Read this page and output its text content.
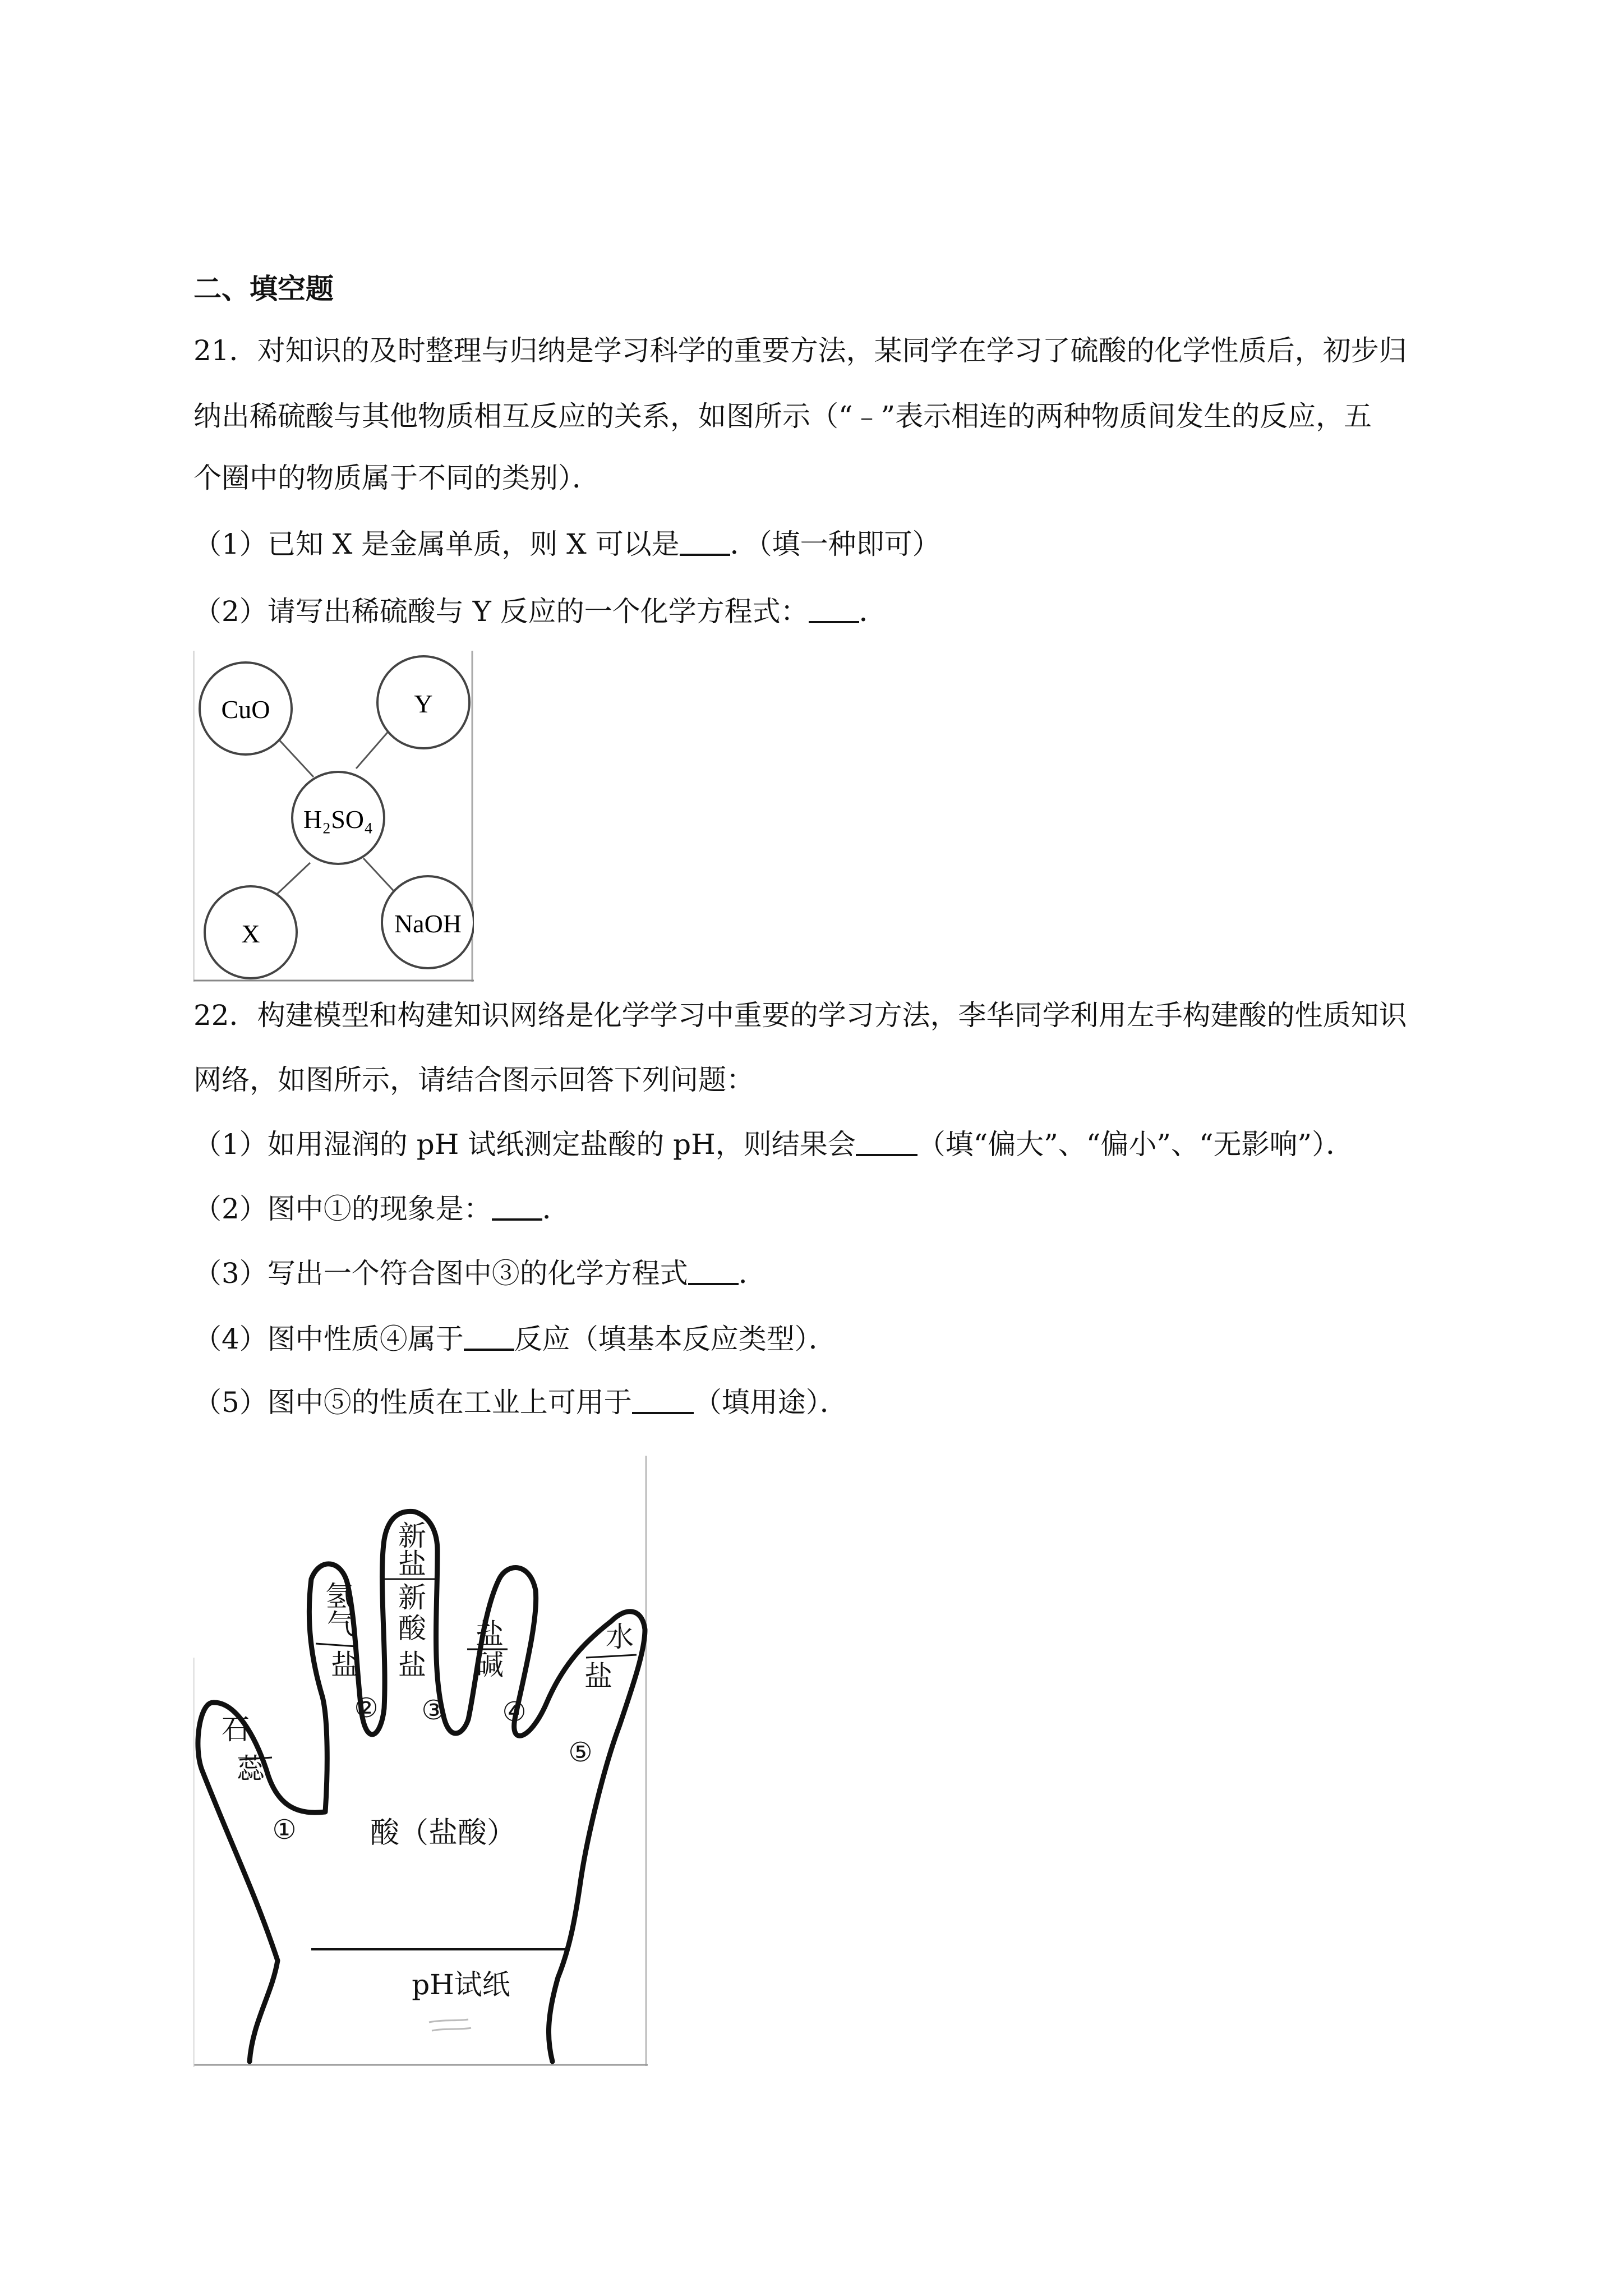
二、填空题
21．对知识的及时整理与归纳是学习科学的重要方法，某同学在学习了硫酸的化学性质后，初步归
纳出稀硫酸与其他物质相互反应的关系，如图所示（“﹣”表示相连的两种物质间发生的反应，五
个圈中的物质属于不同的类别）．
（1）已知 X 是金属单质，则 X 可以是 ．（填一种即可）
（2）请写出稀硫酸与 Y 反应的一个化学方程式： ．
CuO	Y
H₂SO₄
X	NaOH
22．构建模型和构建知识网络是化学学习中重要的学习方法，李华同学利用左手构建酸的性质知识
网络，如图所示，请结合图示回答下列问题：
（1）如用湿润的 pH 试纸测定盐酸的 pH，则结果会 （填“偏大”、“偏小”、“无影响”）．
（2）图中①的现象是： ．
（3）写出一个符合图中③的化学方程式 ．
（4）图中性质④属于 反应（填基本反应类型）．
（5）图中⑤的性质在工业上可用于 （填用途）．
石
蕊
氢
气
盐
新
盐
新
酸
盐
盐
碱
水
盐
①
② ③ ④
⑤
酸（盐酸）
pH试纸
